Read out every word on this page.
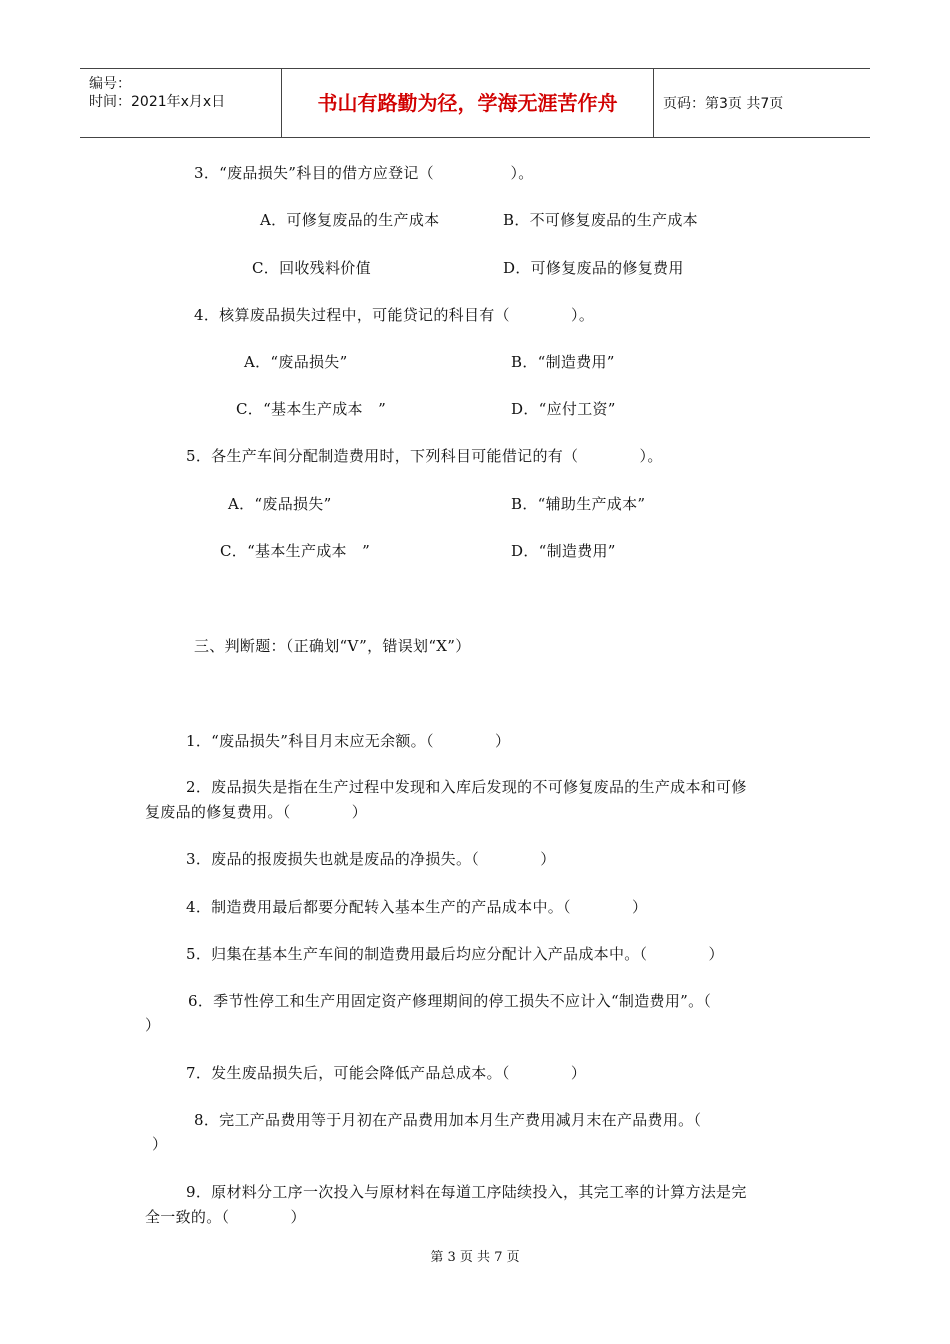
编号：
时间：2021年x月x日	书山有路勤为径，学海无涯苦作舟	页码：第3页 共7页
3．“废品损失”科目的借方应登记（　　　　　）。
A．可修复废品的生产成本	B．不可修复废品的生产成本
C．回收残料价值	D．可修复废品的修复费用
4．核算废品损失过程中，可能贷记的科目有（　　　　）。
A．“废品损失”	B．“制造费用”
C．“基本生产成本　”	D．“应付工资”
5．各生产车间分配制造费用时，下列科目可能借记的有（　　　　）。
A．“废品损失”	B．“辅助生产成本”
C．“基本生产成本　”	D．“制造费用”
三、判断题：（正确划“V”，错误划“X”）
1．“废品损失”科目月末应无余额。（　　　　）
2．废品损失是指在生产过程中发现和入库后发现的不可修复废品的生产成本和可修
复废品的修复费用。（　　　　）
3．废品的报废损失也就是废品的净损失。（　　　　）
4．制造费用最后都要分配转入基本生产的产品成本中。（　　　　）
5．归集在基本生产车间的制造费用最后均应分配计入产品成本中。（　　　　）
6．季节性停工和生产用固定资产修理期间的停工损失不应计入“制造费用”。（
）
7．发生废品损失后，可能会降低产品总成本。（　　　　）
8．完工产品费用等于月初在产品费用加本月生产费用减月末在产品费用。（
）
9．原材料分工序一次投入与原材料在每道工序陆续投入，其完工率的计算方法是完
全一致的。（　　　　）
第 3 页 共 7 页
